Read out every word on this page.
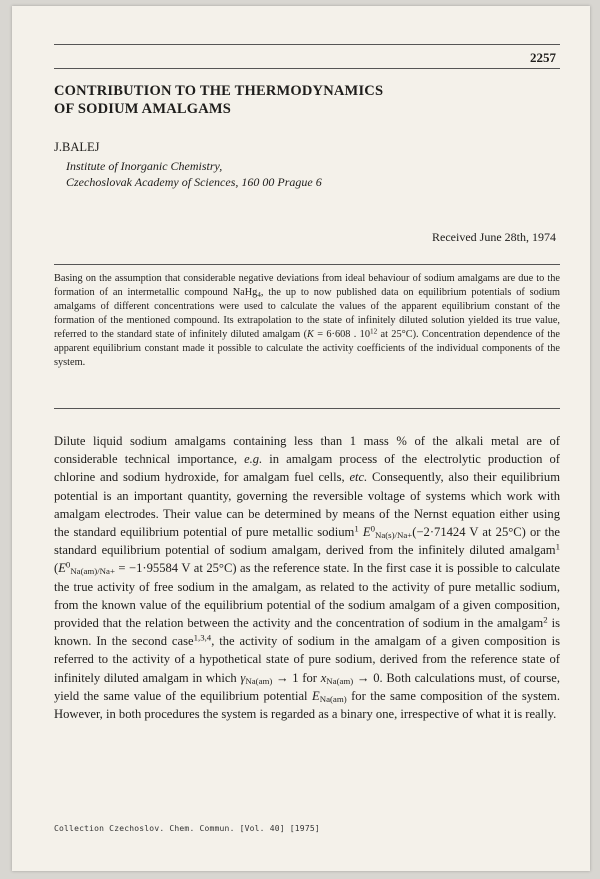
2257
CONTRIBUTION TO THE THERMODYNAMICS
OF SODIUM AMALGAMS
J.BALEJ
Institute of Inorganic Chemistry,
Czechoslovak Academy of Sciences, 160 00 Prague 6
Received June 28th, 1974
Basing on the assumption that considerable negative deviations from ideal behaviour of sodium amalgams are due to the formation of an intermetallic compound NaHg$_4$, the up to now published data on equilibrium potentials of sodium amalgams of different concentrations were used to calculate the values of the apparent equilibrium constant of the formation of the mentioned compound. Its extrapolation to the state of infinitely diluted solution yielded its true value, referred to the standard state of infinitely diluted amalgam (K = 6·608 . $10^{12}$ at 25°C). Concentration dependence of the apparent equilibrium constant made it possible to calculate the activity coefficients of the individual components of the system.
Dilute liquid sodium amalgams containing less than 1 mass % of the alkali metal are of considerable technical importance, e.g. in amalgam process of the electrolytic production of chlorine and sodium hydroxide, for amalgam fuel cells, etc. Consequently, also their equilibrium potential is an important quantity, governing the reversible voltage of systems which work with amalgam electrodes. Their value can be determined by means of the Nernst equation either using the standard equilibrium potential of pure metallic sodium$^1$ $E^0_{Na(s)/Na+}(-2\cdot 71424$ V at 25°C) or the standard equilibrium potential of sodium amalgam, derived from the infinitely diluted amalgam$^1$ ($E^0_{Na(am)/Na+} = -1\cdot 95584$ V at 25°C) as the reference state. In the first case it is possible to calculate the true activity of free sodium in the amalgam, as related to the activity of pure metallic sodium, from the known value of the equilibrium potential of the sodium amalgam of a given composition, provided that the relation between the activity and the concentration of sodium in the amalgam$^2$ is known. In the second case$^{1,3,4}$, the activity of sodium in the amalgam of a given composition is referred to the activity of a hypothetical state of pure sodium, derived from the reference state of infinitely diluted amalgam in which $\gamma_{Na(am)} \to 1$ for $x_{Na(am)} \to 0$. Both calculations must, of course, yield the same value of the equilibrium potential $E_{Na(am)}$ for the same composition of the system. However, in both procedures the system is regarded as a binary one, irrespective of what it is really.
Collection Czechoslov. Chem. Commun. [Vol. 40] [1975]
